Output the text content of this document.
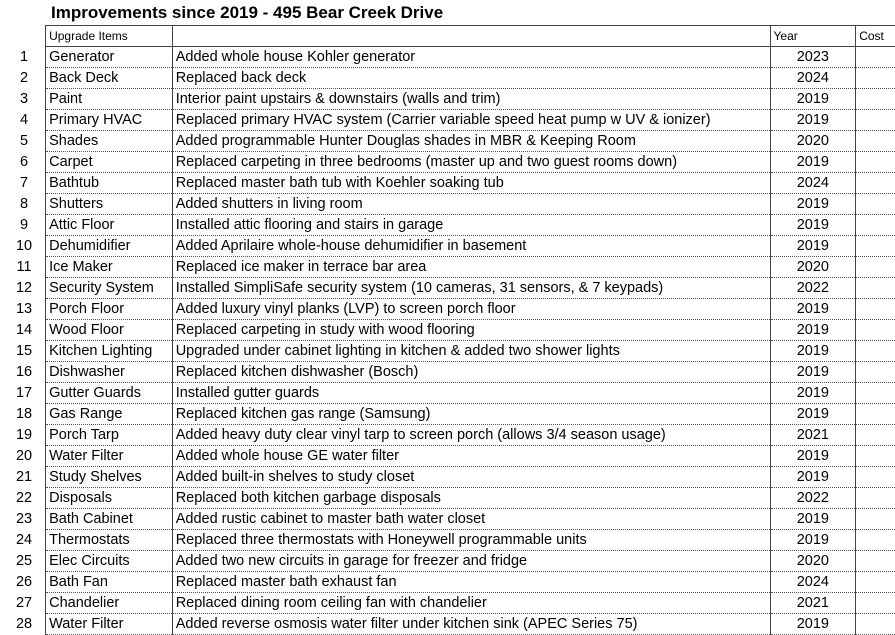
Improvements since 2019 - 495 Bear Creek Drive
	Upgrade Items		Year	Cost
1	Generator	Added whole house Kohler generator	2023	
2	Back Deck	Replaced back deck	2024	
3	Paint	Interior paint upstairs & downstairs (walls and trim)	2019	
4	Primary HVAC	Replaced primary HVAC system (Carrier variable speed heat pump w UV & ionizer)	2019	
5	Shades	Added programmable Hunter Douglas shades in MBR & Keeping Room	2020	
6	Carpet	Replaced carpeting in three bedrooms (master up and two guest rooms down)	2019	
7	Bathtub	Replaced master bath tub with Koehler soaking tub	2024	
8	Shutters	Added shutters in living room	2019	
9	Attic Floor	Installed attic flooring and stairs in garage	2019	
10	Dehumidifier	Added Aprilaire whole-house dehumidifier in basement	2019	
11	Ice Maker	Replaced ice maker in terrace bar area	2020	
12	Security System	Installed SimpliSafe security system (10 cameras, 31 sensors, & 7 keypads)	2022	
13	Porch Floor	Added luxury vinyl planks (LVP) to screen porch floor	2019	
14	Wood Floor	Replaced carpeting in study with wood flooring	2019	
15	Kitchen Lighting	Upgraded under cabinet lighting in kitchen & added two shower lights	2019	
16	Dishwasher	Replaced kitchen dishwasher (Bosch)	2019	
17	Gutter Guards	Installed gutter guards	2019	
18	Gas Range	Replaced kitchen gas range (Samsung)	2019	
19	Porch Tarp	Added heavy duty clear vinyl tarp to screen porch (allows 3/4 season usage)	2021	
20	Water Filter	Added whole house GE water filter	2019	
21	Study Shelves	Added built-in shelves to study closet	2019	
22	Disposals	Replaced both kitchen garbage disposals	2022	
23	Bath Cabinet	Added rustic cabinet to master bath water closet	2019	
24	Thermostats	Replaced three thermostats with Honeywell programmable units	2019	
25	Elec Circuits	Added two new circuits in garage for freezer and fridge	2020	
26	Bath Fan	Replaced master bath exhaust fan	2024	
27	Chandelier	Replaced dining room ceiling fan with chandelier	2021	
28	Water Filter	Added reverse osmosis water filter under kitchen sink (APEC Series 75)	2019	
